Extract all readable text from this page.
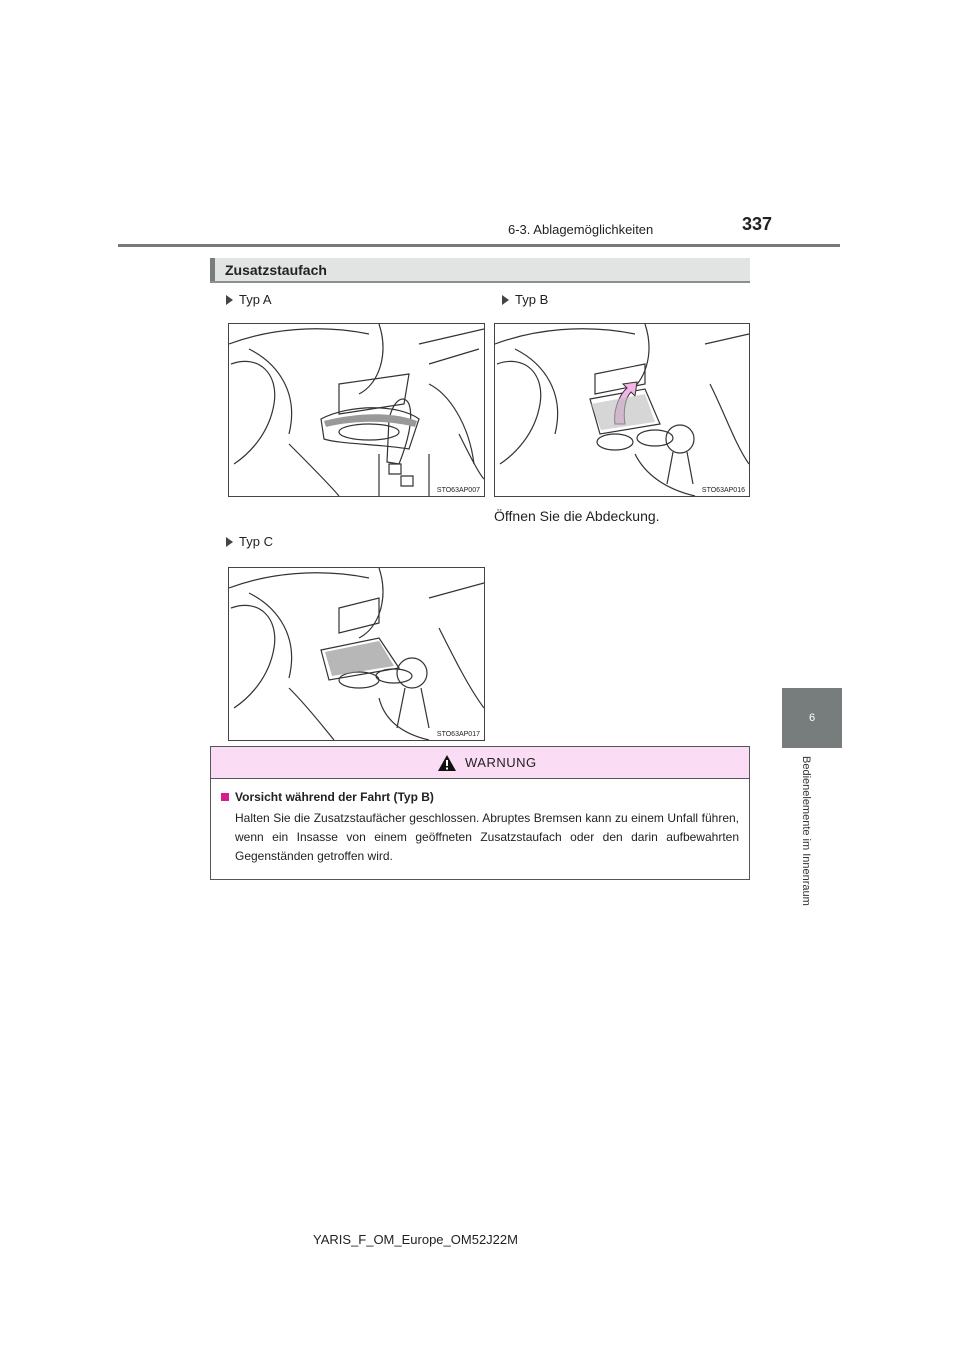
6-3. Ablagemöglichkeiten	337
6
Bedienelemente im Innenraum
Zusatzstaufach
Typ A	Typ B
Typ C
STO63AP007	STO63AP016
Öffnen Sie die Abdeckung.
STO63AP017
WARNUNG
Vorsicht während der Fahrt (Typ B)
Halten Sie die Zusatzstaufächer geschlossen. Abruptes Bremsen kann zu einem Unfall führen, wenn ein Insasse von einem geöffneten Zusatzstaufach oder den darin aufbewahrten Gegenständen getroffen wird.
YARIS_F_OM_Europe_OM52J22M
